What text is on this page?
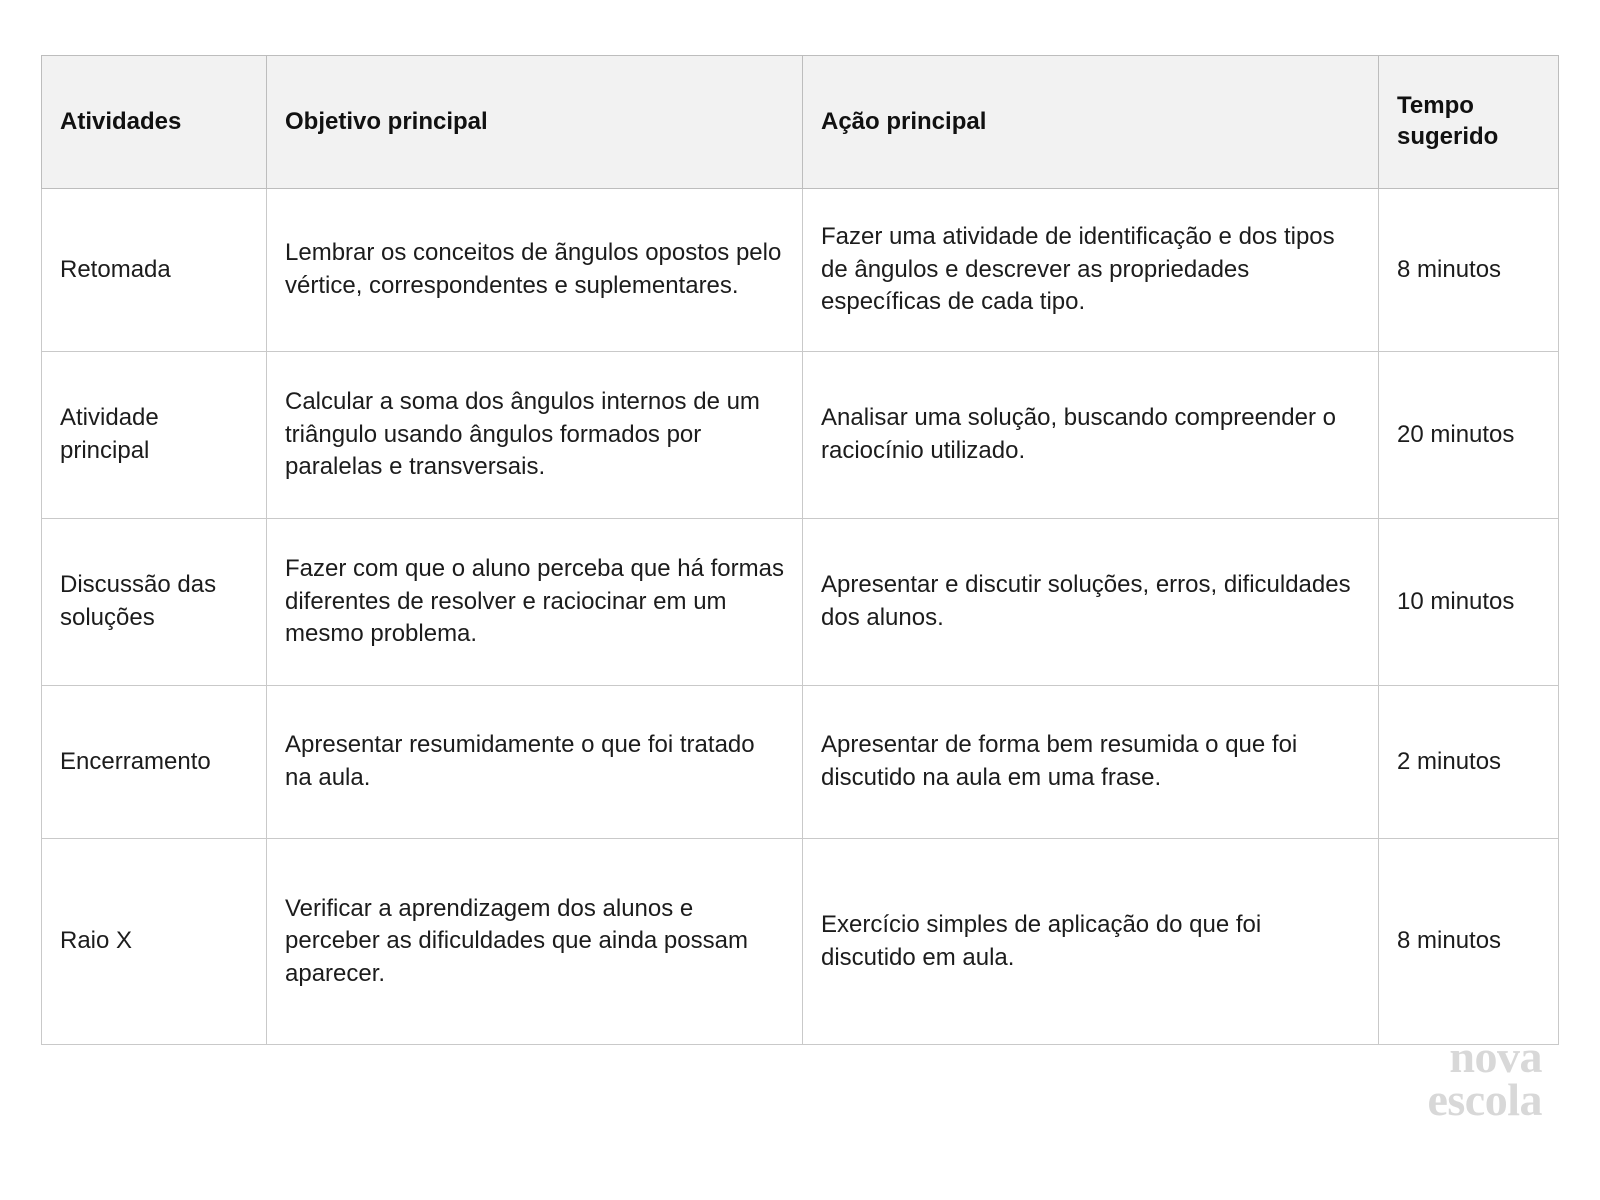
Atividades	Objetivo principal	Ação principal	Tempo sugerido
Retomada	Lembrar os conceitos de ãngulos opostos pelo vértice, correspondentes e suplementares.	Fazer uma atividade de identificação e dos tipos de ângulos e descrever as propriedades específicas de cada tipo.	8 minutos
Atividade principal	Calcular a soma dos ângulos internos de um triângulo usando ângulos formados por paralelas e transversais.	Analisar uma solução, buscando compreender o raciocínio utilizado.	20 minutos
Discussão das soluções	Fazer com que o aluno perceba que há formas diferentes de resolver e raciocinar em um mesmo problema.	Apresentar e discutir soluções, erros, dificuldades dos alunos.	10 minutos
Encerramento	Apresentar resumidamente o que foi tratado na aula.	Apresentar de forma bem resumida o que foi discutido na aula em uma frase.	2 minutos
Raio X	Verificar a aprendizagem dos alunos e perceber as dificuldades que ainda possam aparecer.	Exercício simples de aplicação do que foi discutido em aula.	8 minutos
nova
escola
